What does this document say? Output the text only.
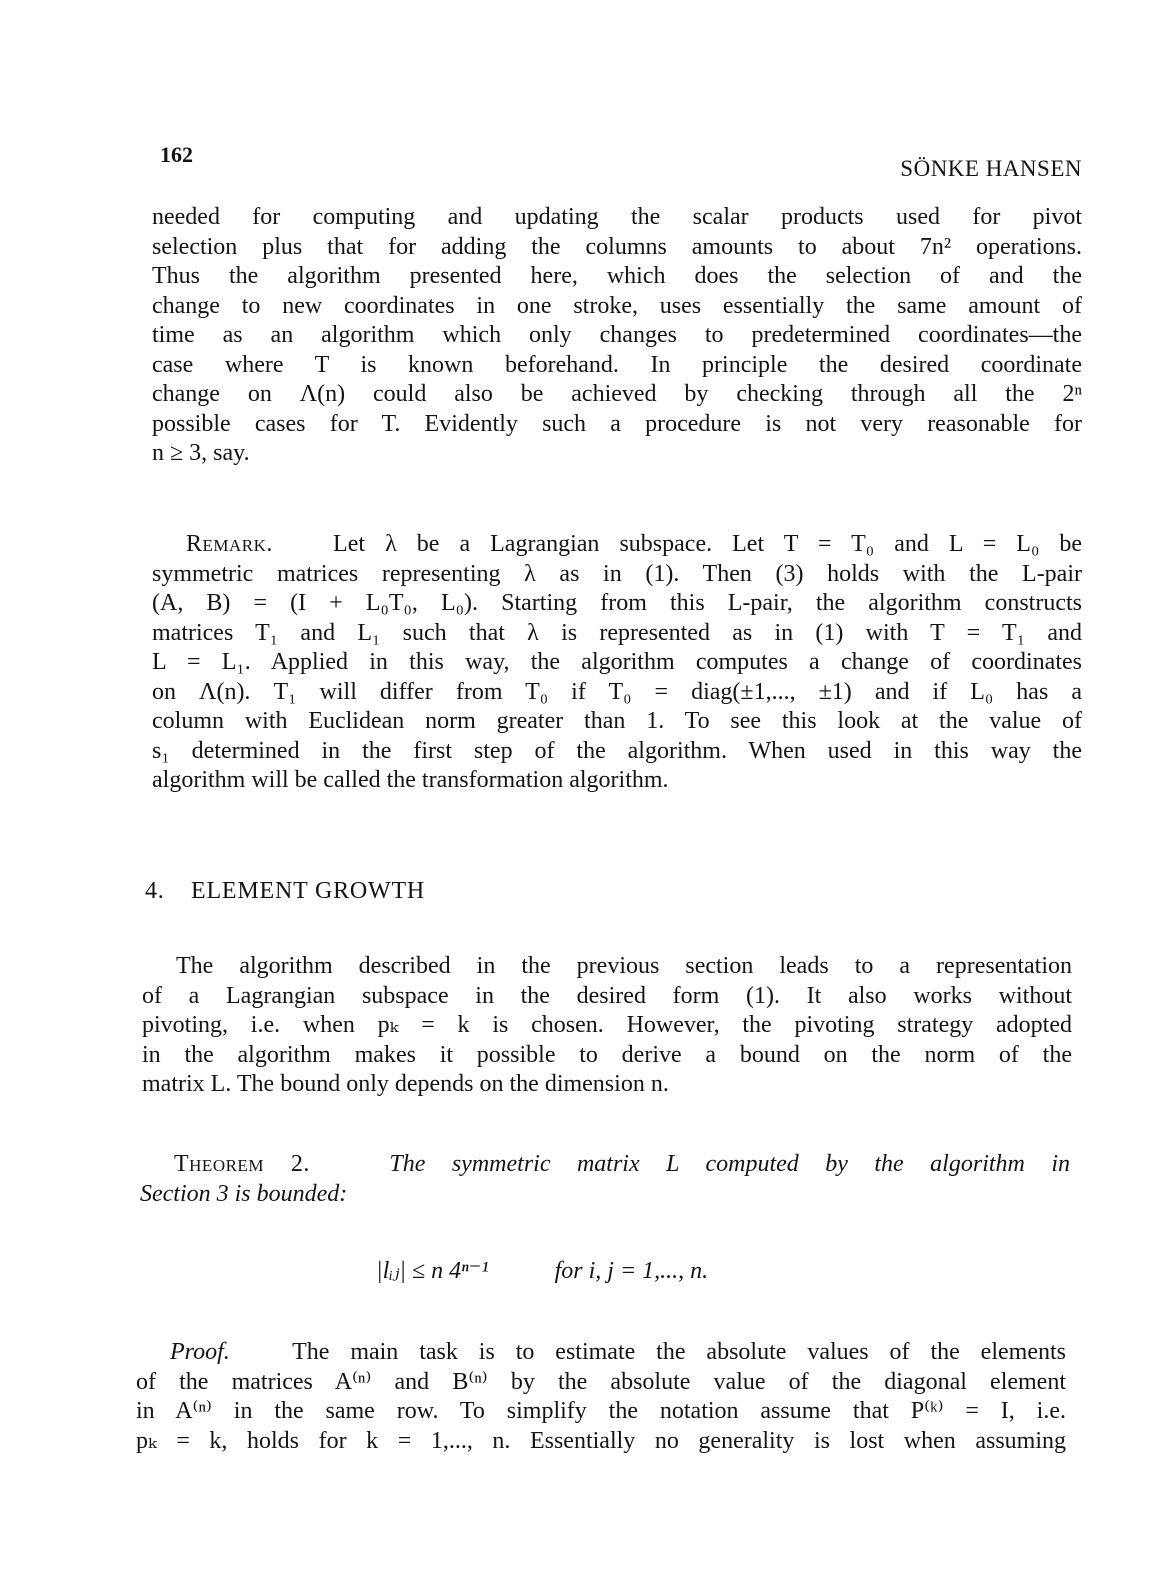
162
SÖNKE HANSEN
needed for computing and updating the scalar products used for pivot
selection plus that for adding the columns amounts to about 7n² operations.
Thus the algorithm presented here, which does the selection of and the
change to new coordinates in one stroke, uses essentially the same amount of
time as an algorithm which only changes to predetermined coordinates—the
case where T is known beforehand. In principle the desired coordinate
change on Λ(n) could also be achieved by checking through all the 2ⁿ
possible cases for T. Evidently such a procedure is not very reasonable for
n ≥ 3, say.
Remark.	Let λ be a Lagrangian subspace. Let T = T₀ and L = L₀ be
symmetric matrices representing λ as in (1). Then (3) holds with the L-pair
(A, B) = (I + L₀T₀, L₀). Starting from this L-pair, the algorithm constructs
matrices T₁ and L₁ such that λ is represented as in (1) with T = T₁ and
L = L₁. Applied in this way, the algorithm computes a change of coordinates
on Λ(n). T₁ will differ from T₀ if T₀ = diag(±1,..., ±1) and if L₀ has a
column with Euclidean norm greater than 1. To see this look at the value of
s₁ determined in the first step of the algorithm. When used in this way the
algorithm will be called the transformation algorithm.
4. ELEMENT GROWTH
The algorithm described in the previous section leads to a representation
of a Lagrangian subspace in the desired form (1). It also works without
pivoting, i.e. when pₖ = k is chosen. However, the pivoting strategy adopted
in the algorithm makes it possible to derive a bound on the norm of the
matrix L. The bound only depends on the dimension n.
Theorem 2.	The symmetric matrix L computed by the algorithm in
Section 3 is bounded:
|lᵢⱼ| ≤ n 4ⁿ⁻¹	for i, j = 1,..., n.
Proof.	The main task is to estimate the absolute values of the elements
of the matrices A⁽ⁿ⁾ and B⁽ⁿ⁾ by the absolute value of the diagonal element
in A⁽ⁿ⁾ in the same row. To simplify the notation assume that P⁽ᵏ⁾ = I, i.e.
pₖ = k, holds for k = 1,..., n. Essentially no generality is lost when assuming
